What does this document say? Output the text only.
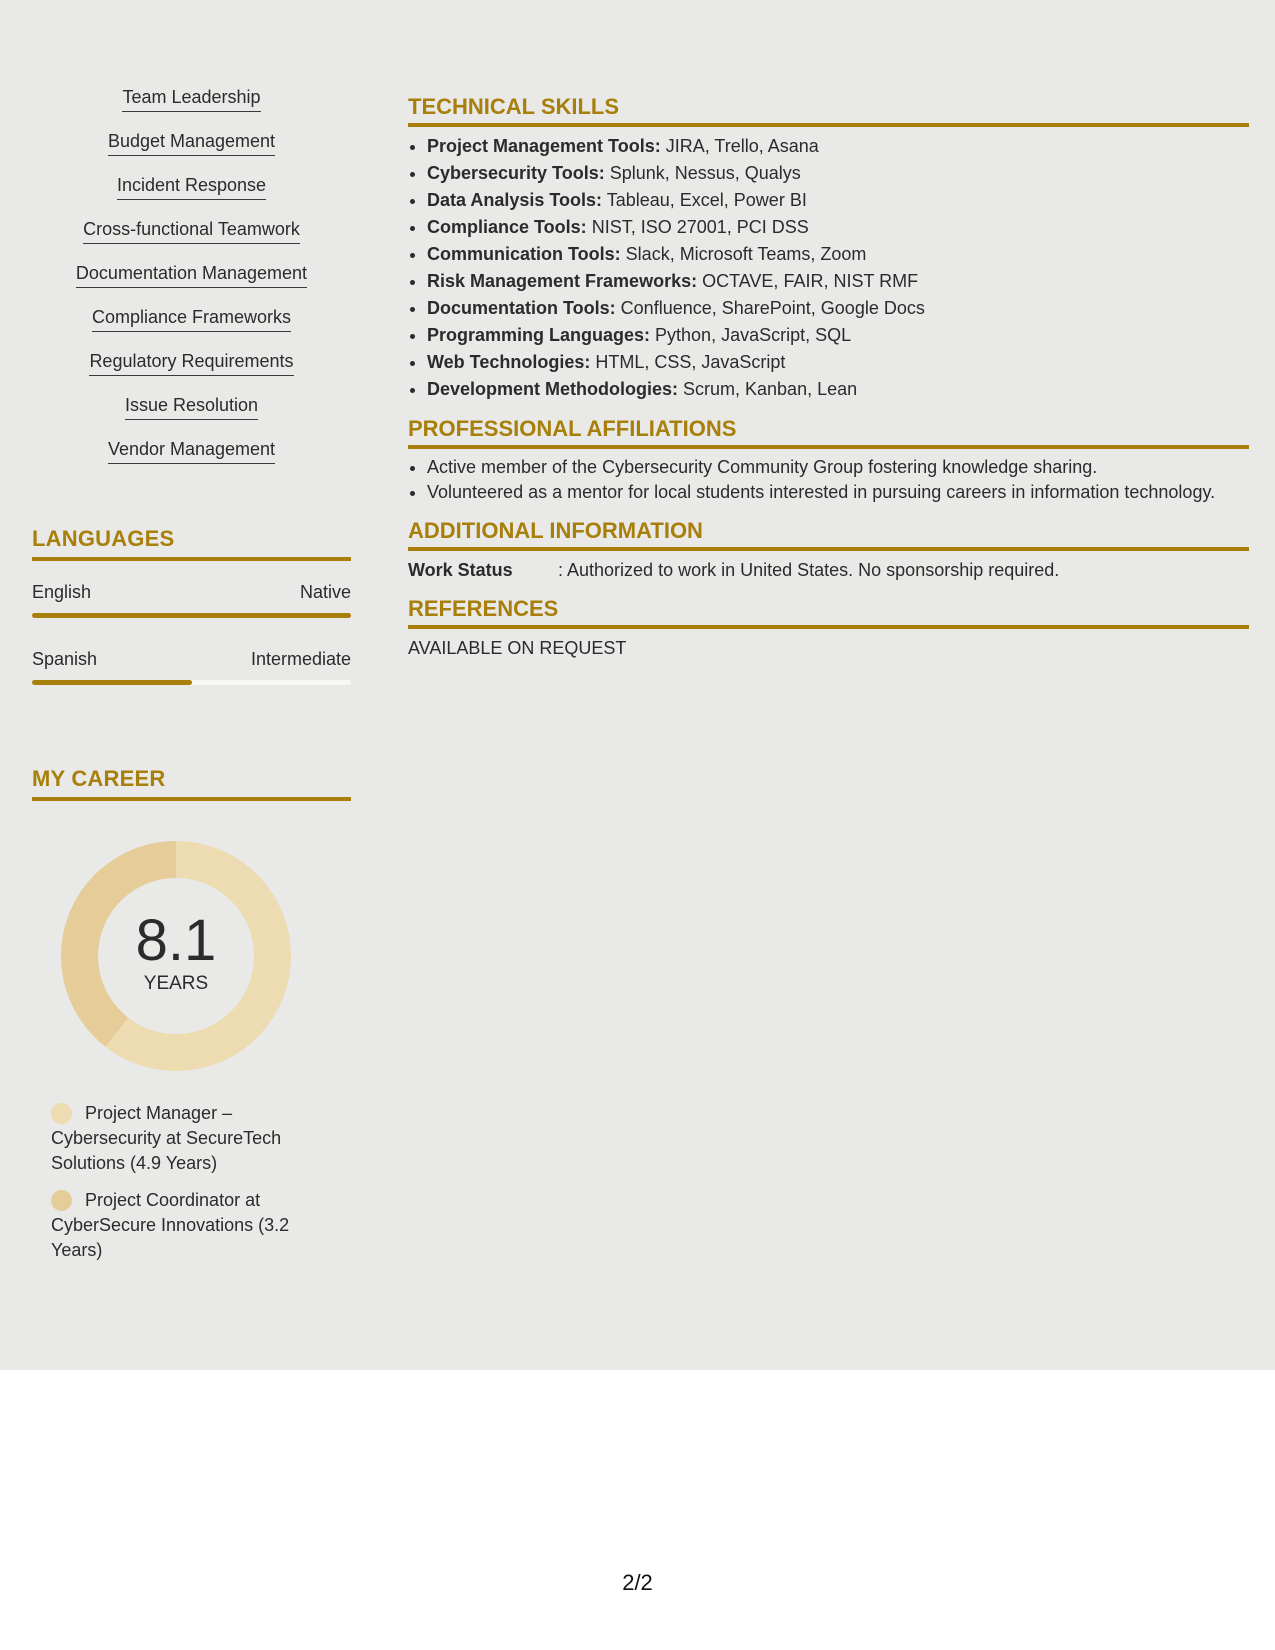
Team Leadership
Budget Management
Incident Response
Cross-functional Teamwork
Documentation Management
Compliance Frameworks
Regulatory Requirements
Issue Resolution
Vendor Management
LANGUAGES
English	Native
Spanish	Intermediate
MY CAREER
8.1
YEARS
Project Manager – Cybersecurity at SecureTech Solutions (4.9 Years)
Project Coordinator at CyberSecure Innovations (3.2 Years)
TECHNICAL SKILLS
• Project Management Tools: JIRA, Trello, Asana
• Cybersecurity Tools: Splunk, Nessus, Qualys
• Data Analysis Tools: Tableau, Excel, Power BI
• Compliance Tools: NIST, ISO 27001, PCI DSS
• Communication Tools: Slack, Microsoft Teams, Zoom
• Risk Management Frameworks: OCTAVE, FAIR, NIST RMF
• Documentation Tools: Confluence, SharePoint, Google Docs
• Programming Languages: Python, JavaScript, SQL
• Web Technologies: HTML, CSS, JavaScript
• Development Methodologies: Scrum, Kanban, Lean
PROFESSIONAL AFFILIATIONS
• Active member of the Cybersecurity Community Group fostering knowledge sharing.
• Volunteered as a mentor for local students interested in pursuing careers in information technology.
ADDITIONAL INFORMATION
Work Status	: Authorized to work in United States. No sponsorship required.
REFERENCES
AVAILABLE ON REQUEST
2/2
